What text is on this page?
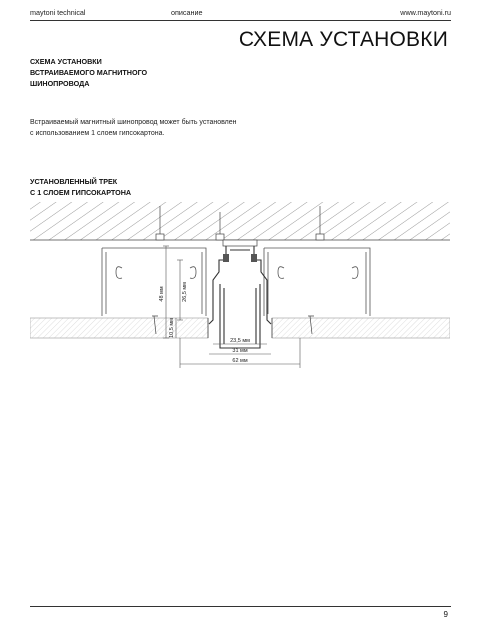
maytoni technical	описание	www.maytoni.ru
СХЕМА УСТАНОВКИ
СХЕМА УСТАНОВКИ
ВСТРАИВАЕМОГО МАГНИТНОГО
ШИНОПРОВОДА
Встраиваемый магнитный шинопровод может быть установлен
с использованием 1 слоем гипсокартона.
УСТАНОВЛЕННЫЙ ТРЕК
С 1 СЛОЕМ ГИПСОКАРТОНА
48 мм	26,5 мм
10,5 мм
23,5 мм
31 мм
62 мм
9
